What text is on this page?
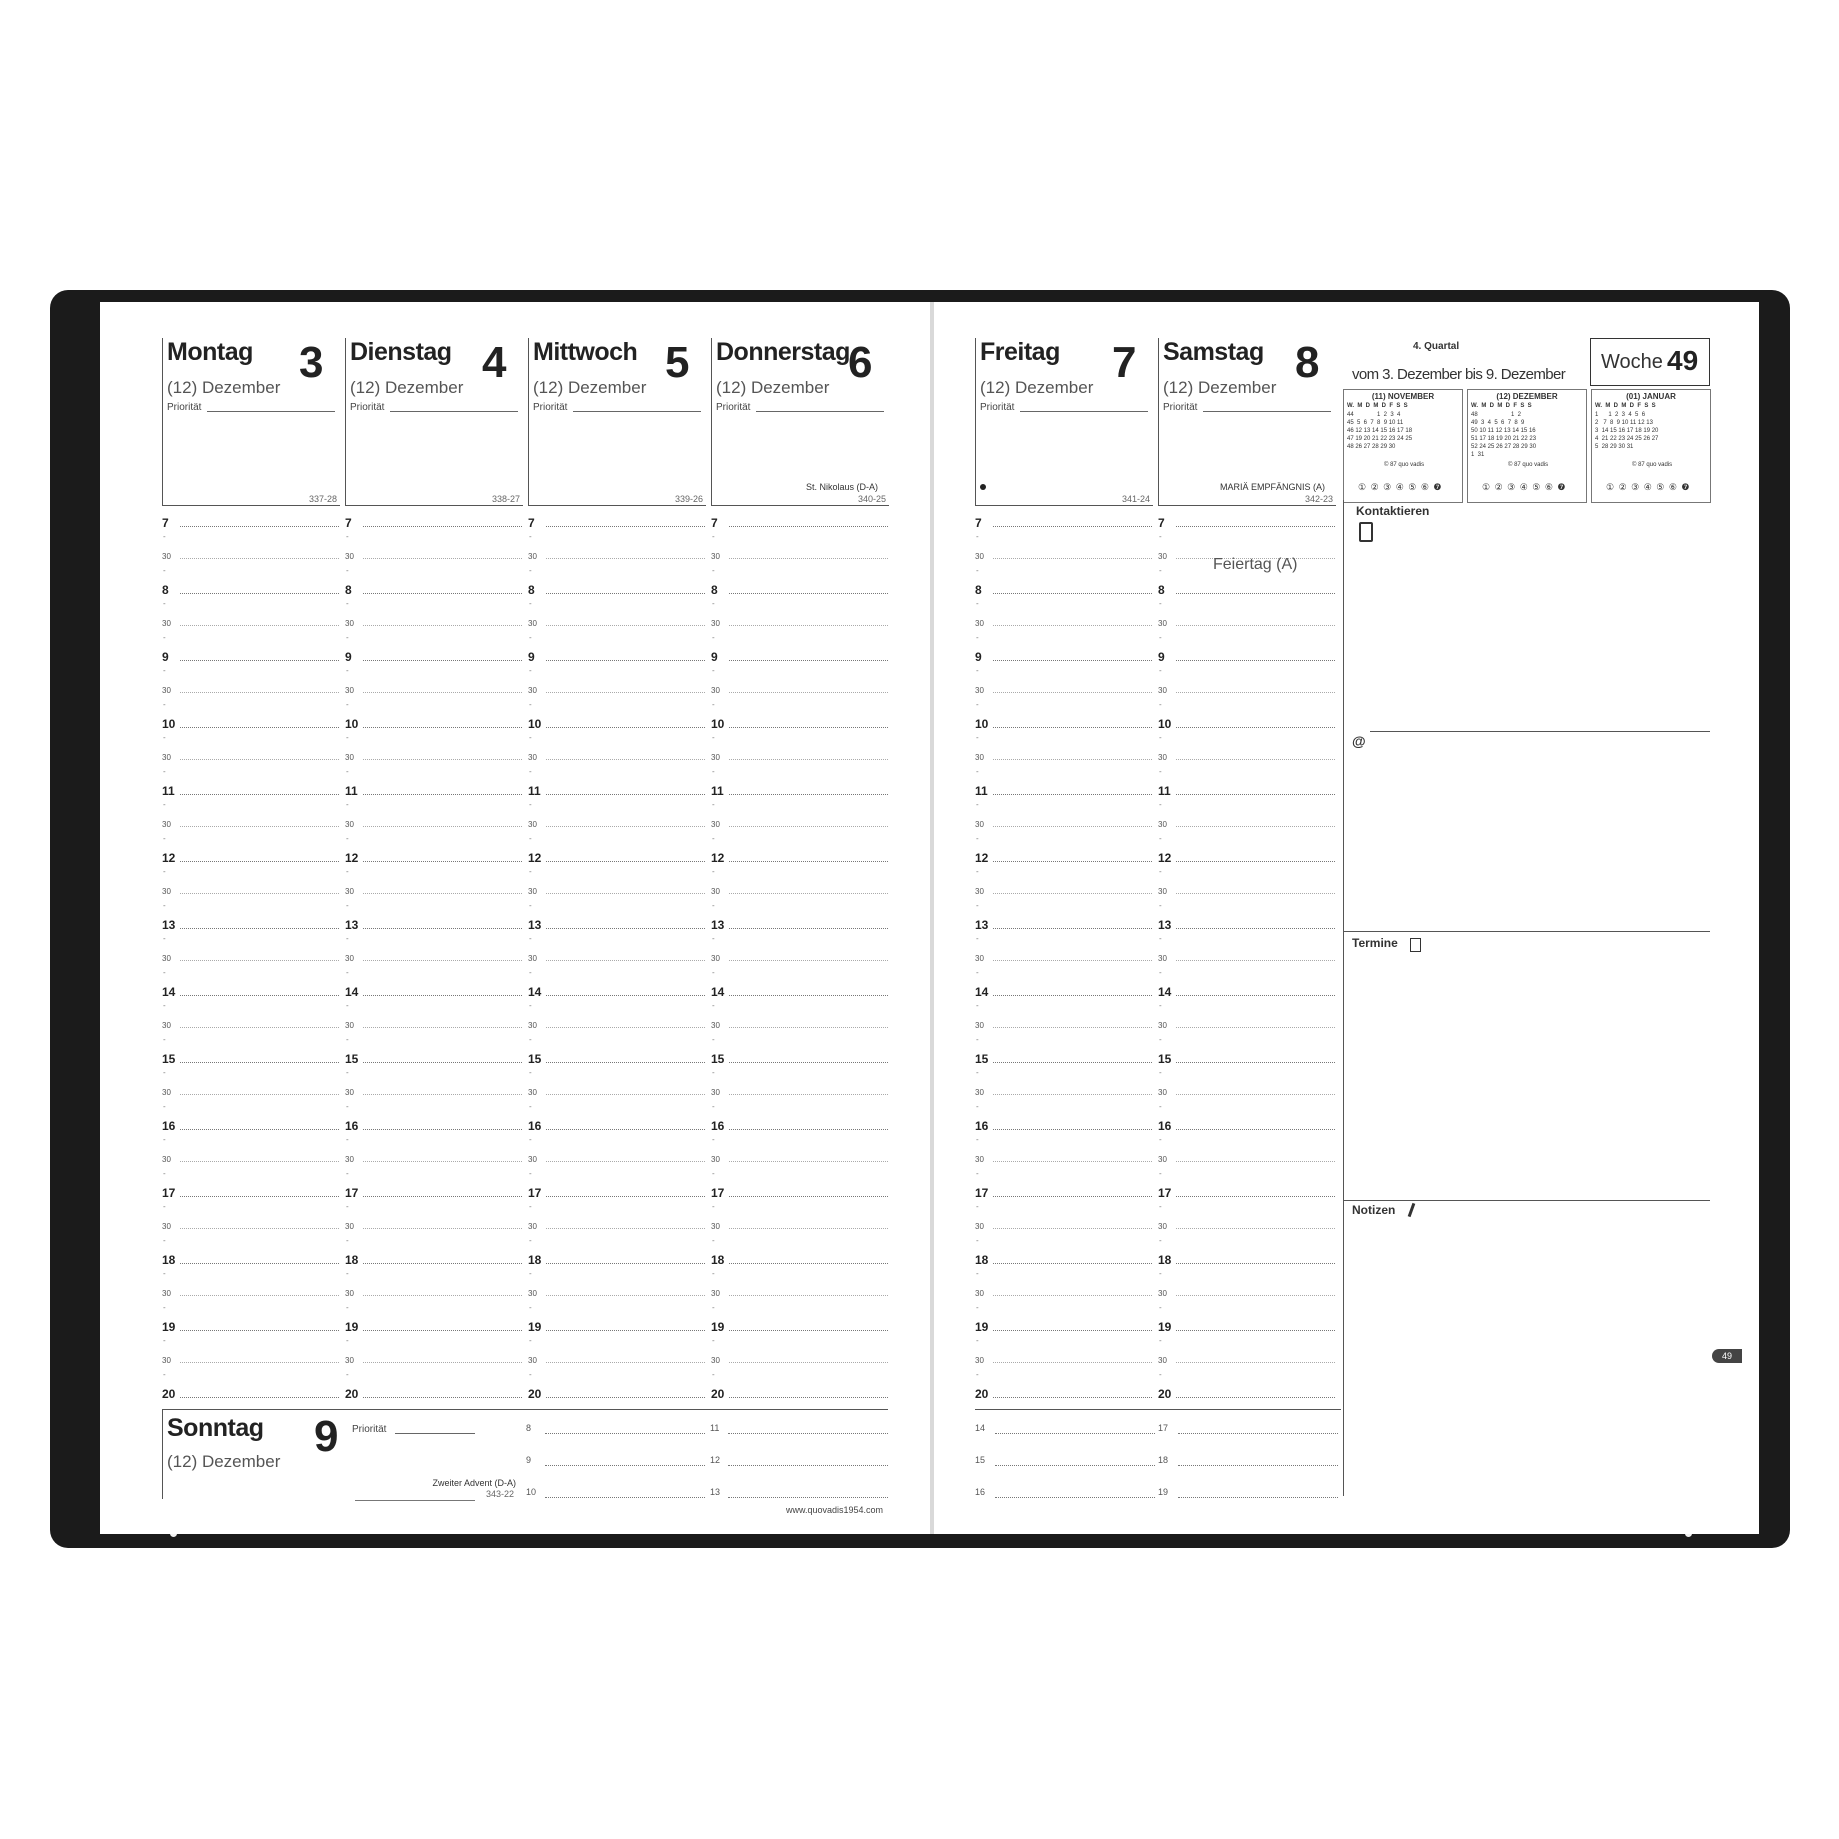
Montag 3
(12) Dezember
Priorität
337-28
7
-
30
-
8
-
30
-
9
-
30
-
10
-
30
-
11
-
30
-
12
-
30
-
13
-
30
-
14
-
30
-
15
-
30
-
16
-
30
-
17
-
30
-
18
-
30
-
19
-
30
-
20
Dienstag 4
(12) Dezember
Priorität
338-27
7
-
30
-
8
-
30
-
9
-
30
-
10
-
30
-
11
-
30
-
12
-
30
-
13
-
30
-
14
-
30
-
15
-
30
-
16
-
30
-
17
-
30
-
18
-
30
-
19
-
30
-
20
Mittwoch 5
(12) Dezember
Priorität
339-26
7
-
30
-
8
-
30
-
9
-
30
-
10
-
30
-
11
-
30
-
12
-
30
-
13
-
30
-
14
-
30
-
15
-
30
-
16
-
30
-
17
-
30
-
18
-
30
-
19
-
30
-
20
Donnerstag
6
(12) Dezember
Priorität
St. Nikolaus (D-A)
340-25
7
-
30
-
8
-
30
-
9
-
30
-
10
-
30
-
11
-
30
-
12
-
30
-
13
-
30
-
14
-
30
-
15
-
30
-
16
-
30
-
17
-
30
-
18
-
30
-
19
-
30
-
20
Sonntag 9
(12) Dezember
Priorität
Zweiter Advent (D-A)
343-22
8	11
9	12
10	13
www.quovadis1954.com
Freitag 7
(12) Dezember
Priorität
341-24
7
-
30
-
8
-
30
-
9
-
30
-
10
-
30
-
11
-
30
-
12
-
30
-
13
-
30
-
14
-
30
-
15
-
30
-
16
-
30
-
17
-
30
-
18
-
30
-
19
-
30
-
20
Samstag 8
(12) Dezember
Priorität
MARIÄ EMPFÄNGNIS (A)
342-23
7
-
30
-
8
-
30
-
9
-
30
-
10
-
30
-
11
-
30
-
12
-
30
-
13
-
30
-
14
-
30
-
15
-
30
-
16
-
30
-
17
-
30
-
18
-
30
-
19
-
30
-
20
14	17
15	18
16	19
4. Quartal
vom 3. Dezember bis 9. Dezember
Woche 49
(11) NOVEMBER
W.  M  D  M  D  F  S  S
44              1  2  3  4
45  5  6  7  8  9 10 11
46 12 13 14 15 16 17 18
47 19 20 21 22 23 24 25
48 26 27 28 29 30
© 87 quo vadis
① ② ③ ④ ⑤ ⑥ ❼
(12) DEZEMBER
W.  M  D  M  D  F  S  S
48                    1  2
49  3  4  5  6  7  8  9
50 10 11 12 13 14 15 16
51 17 18 19 20 21 22 23
52 24 25 26 27 28 29 30
1  31
© 87 quo vadis
① ② ③ ④ ⑤ ⑥ ❼
(01) JANUAR
W.  M  D  M  D  F  S  S
1      1  2  3  4  5  6
2   7  8  9 10 11 12 13
3  14 15 16 17 18 19 20
4  21 22 23 24 25 26 27
5  28 29 30 31
© 87 quo vadis
① ② ③ ④ ⑤ ⑥ ❼
Kontaktieren
@
Termine
Notizen
Feiertag (A)
49
